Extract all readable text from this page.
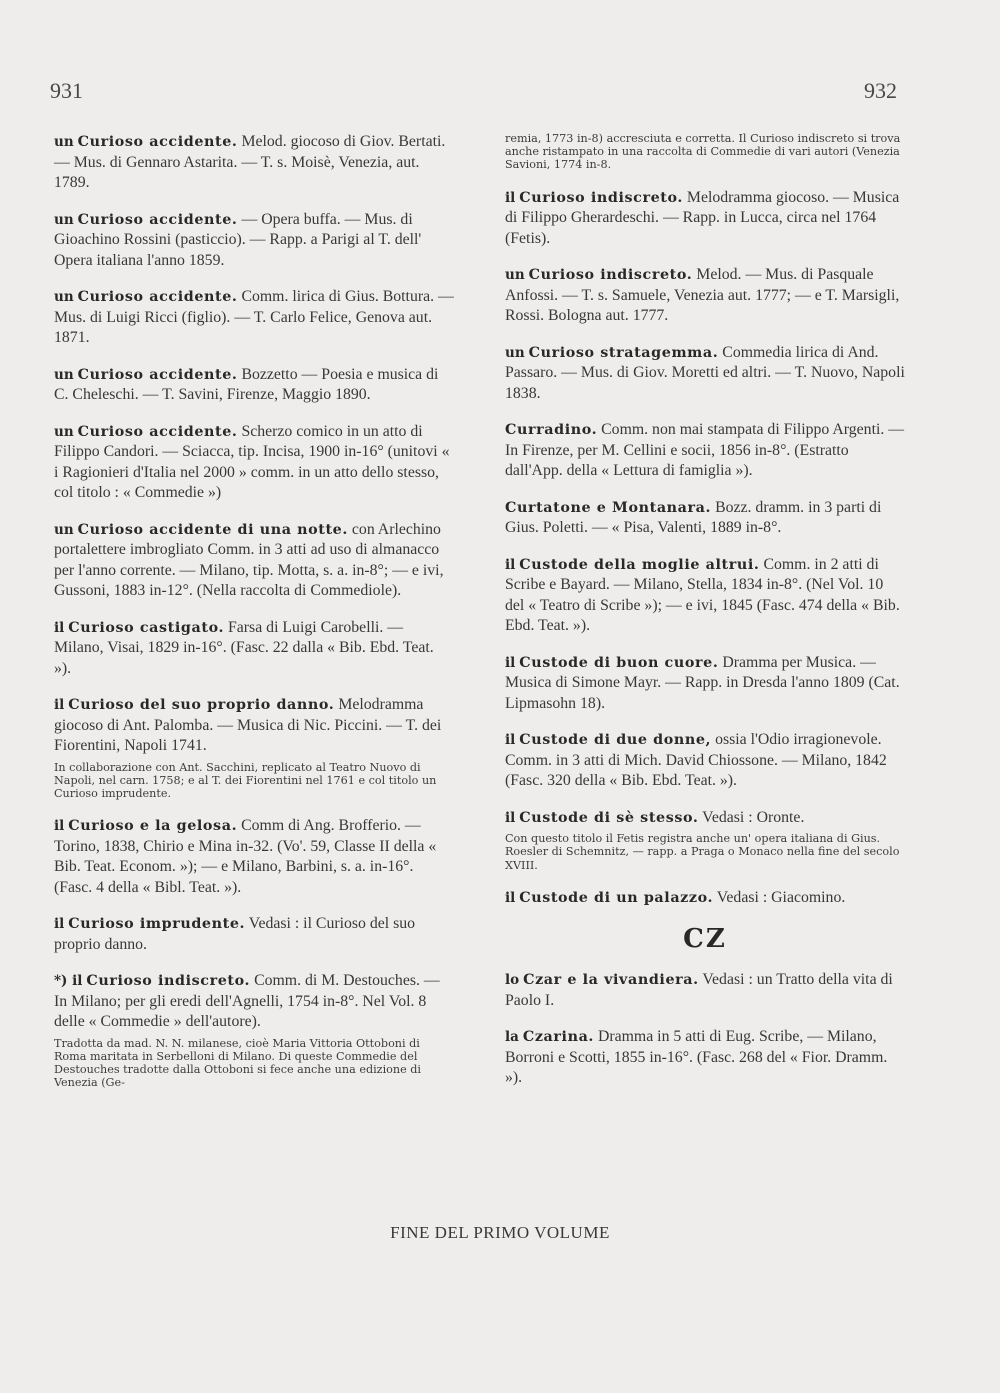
931	932
un Curioso accidente. Melod. giocoso di Giov. Bertati. — Mus. di Gennaro Astarita. — T. s. Moisè, Venezia, aut. 1789.
un Curioso accidente. — Opera buffa. — Mus. di Gioachino Rossini (pasticcio). — Rapp. a Parigi al T. dell' Opera italiana l'anno 1859.
un Curioso accidente. Comm. lirica di Gius. Bottura. — Mus. di Luigi Ricci (figlio). — T. Carlo Felice, Genova aut. 1871.
un Curioso accidente. Bozzetto — Poesia e musica di C. Cheleschi. — T. Savini, Firenze, Maggio 1890.
un Curioso accidente. Scherzo comico in un atto di Filippo Candori. — Sciacca, tip. Incisa, 1900 in-16° (unitovi « i Ragionieri d'Italia nel 2000 » comm. in un atto dello stesso, col titolo : « Commedie »)
un Curioso accidente di una notte. con Arlechino portalettere imbrogliato Comm. in 3 atti ad uso di almanacco per l'anno corrente. — Milano, tip. Motta, s. a. in-8°; — e ivi, Gussoni, 1883 in-12°. (Nella raccolta di Commediole).
il Curioso castigato. Farsa di Luigi Carobelli. — Milano, Visai, 1829 in-16°. (Fasc. 22 dalla « Bib. Ebd. Teat. »).
il Curioso del suo proprio danno. Melodramma giocoso di Ant. Palomba. — Musica di Nic. Piccini. — T. dei Fiorentini, Napoli 1741.
In collaborazione con Ant. Sacchini, replicato al Teatro Nuovo di Napoli, nel carn. 1758; e al T. dei Fiorentini nel 1761 e col titolo un Curioso imprudente.
il Curioso e la gelosa. Comm di Ang. Brofferio. — Torino, 1838, Chirio e Mina in-32. (Vo'. 59, Classe II della « Bib. Teat. Econom. »); — e Milano, Barbini, s. a. in-16°. (Fasc. 4 della « Bibl. Teat. »).
il Curioso imprudente. Vedasi : il Curioso del suo proprio danno.
*) il Curioso indiscreto. Comm. di M. Destouches. — In Milano; per gli eredi dell'Agnelli, 1754 in-8°. Nel Vol. 8 delle « Commedie » dell'autore).
Tradotta da mad. N. N. milanese, cioè Maria Vittoria Ottoboni di Roma maritata in Serbelloni di Milano. Di queste Commedie del Destouches tradotte dalla Ottoboni si fece anche una edizione di Venezia (Ge-
remia, 1773 in-8) accresciuta e corretta. Il Curioso indiscreto si trova anche ristampato in una raccolta di Commedie di vari autori (Venezia Savioni, 1774 in-8.
il Curioso indiscreto. Melodramma giocoso. — Musica di Filippo Gherardeschi. — Rapp. in Lucca, circa nel 1764 (Fetis).
un Curioso indiscreto. Melod. — Mus. di Pasquale Anfossi. — T. s. Samuele, Venezia aut. 1777; — e T. Marsigli, Rossi. Bologna aut. 1777.
un Curioso stratagemma. Commedia lirica di And. Passaro. — Mus. di Giov. Moretti ed altri. — T. Nuovo, Napoli 1838.
Curradino. Comm. non mai stampata di Filippo Argenti. — In Firenze, per M. Cellini e socii, 1856 in-8°. (Estratto dall'App. della « Lettura di famiglia »).
Curtatone e Montanara. Bozz. dramm. in 3 parti di Gius. Poletti. — « Pisa, Valenti, 1889 in-8°.
il Custode della moglie altrui. Comm. in 2 atti di Scribe e Bayard. — Milano, Stella, 1834 in-8°. (Nel Vol. 10 del « Teatro di Scribe »); — e ivi, 1845 (Fasc. 474 della « Bib. Ebd. Teat. »).
il Custode di buon cuore. Dramma per Musica. — Musica di Simone Mayr. — Rapp. in Dresda l'anno 1809 (Cat. Lipmasohn 18).
il Custode di due donne, ossia l'Odio irragionevole. Comm. in 3 atti di Mich. David Chiossone. — Milano, 1842 (Fasc. 320 della « Bib. Ebd. Teat. »).
il Custode di sè stesso. Vedasi : Oronte.
Con questo titolo il Fetis registra anche un' opera italiana di Gius. Roesler di Schemnitz, — rapp. a Praga o Monaco nella fine del secolo XVIII.
il Custode di un palazzo. Vedasi : Giacomino.
CZ
lo Czar e la vivandiera. Vedasi : un Tratto della vita di Paolo I.
la Czarina. Dramma in 5 atti di Eug. Scribe, — Milano, Borroni e Scotti, 1855 in-16°. (Fasc. 268 del « Fior. Dramm. »).
FINE DEL PRIMO VOLUME
